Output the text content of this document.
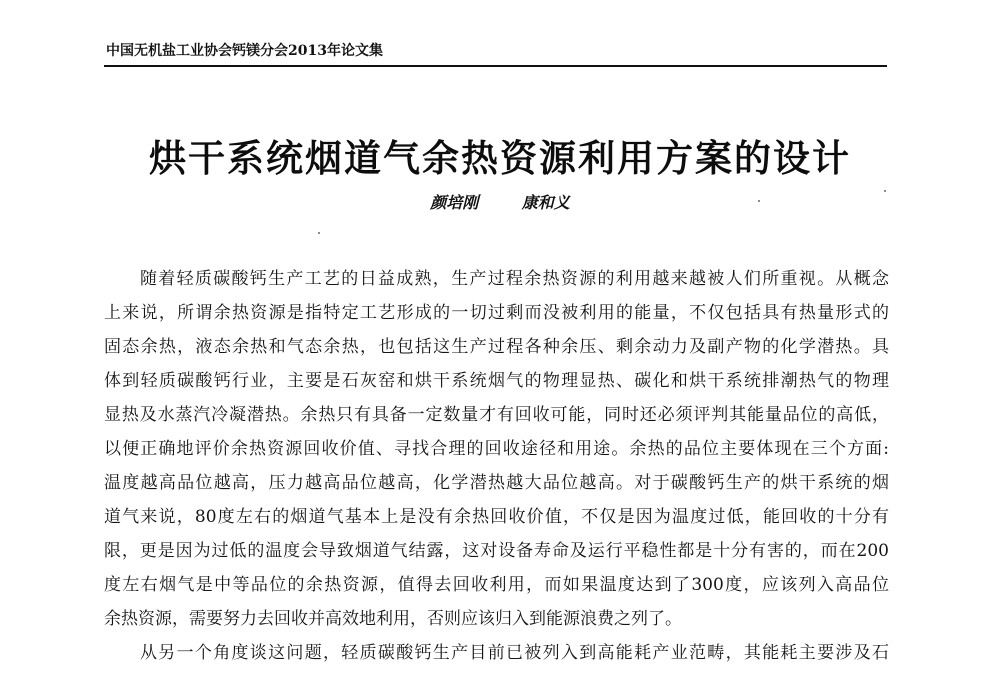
中国无机盐工业协会钙镁分会2013年论文集
烘干系统烟道气余热资源利用方案的设计
颜培刚	康和义
随着轻质碳酸钙生产工艺的日益成熟，生产过程余热资源的利用越来越被人们所重视。从概念
上来说，所谓余热资源是指特定工艺形成的一切过剩而没被利用的能量，不仅包括具有热量形式的
固态余热，液态余热和气态余热，也包括这生产过程各种余压、剩余动力及副产物的化学潜热。具
体到轻质碳酸钙行业，主要是石灰窑和烘干系统烟气的物理显热、碳化和烘干系统排潮热气的物理
显热及水蒸汽冷凝潜热。余热只有具备一定数量才有回收可能，同时还必须评判其能量品位的高低，
以便正确地评价余热资源回收价值、寻找合理的回收途径和用途。余热的品位主要体现在三个方面:
温度越高品位越高，压力越高品位越高，化学潜热越大品位越高。对于碳酸钙生产的烘干系统的烟
道气来说，80度左右的烟道气基本上是没有余热回收价值，不仅是因为温度过低，能回收的十分有
限，更是因为过低的温度会导致烟道气结露，这对设备寿命及运行平稳性都是十分有害的，而在200
度左右烟气是中等品位的余热资源，值得去回收利用，而如果温度达到了300度，应该列入高品位
余热资源，需要努力去回收并高效地利用，否则应该归入到能源浪费之列了。
从另一个角度谈这问题，轻质碳酸钙生产目前已被列入到高能耗产业范畴，其能耗主要涉及石
